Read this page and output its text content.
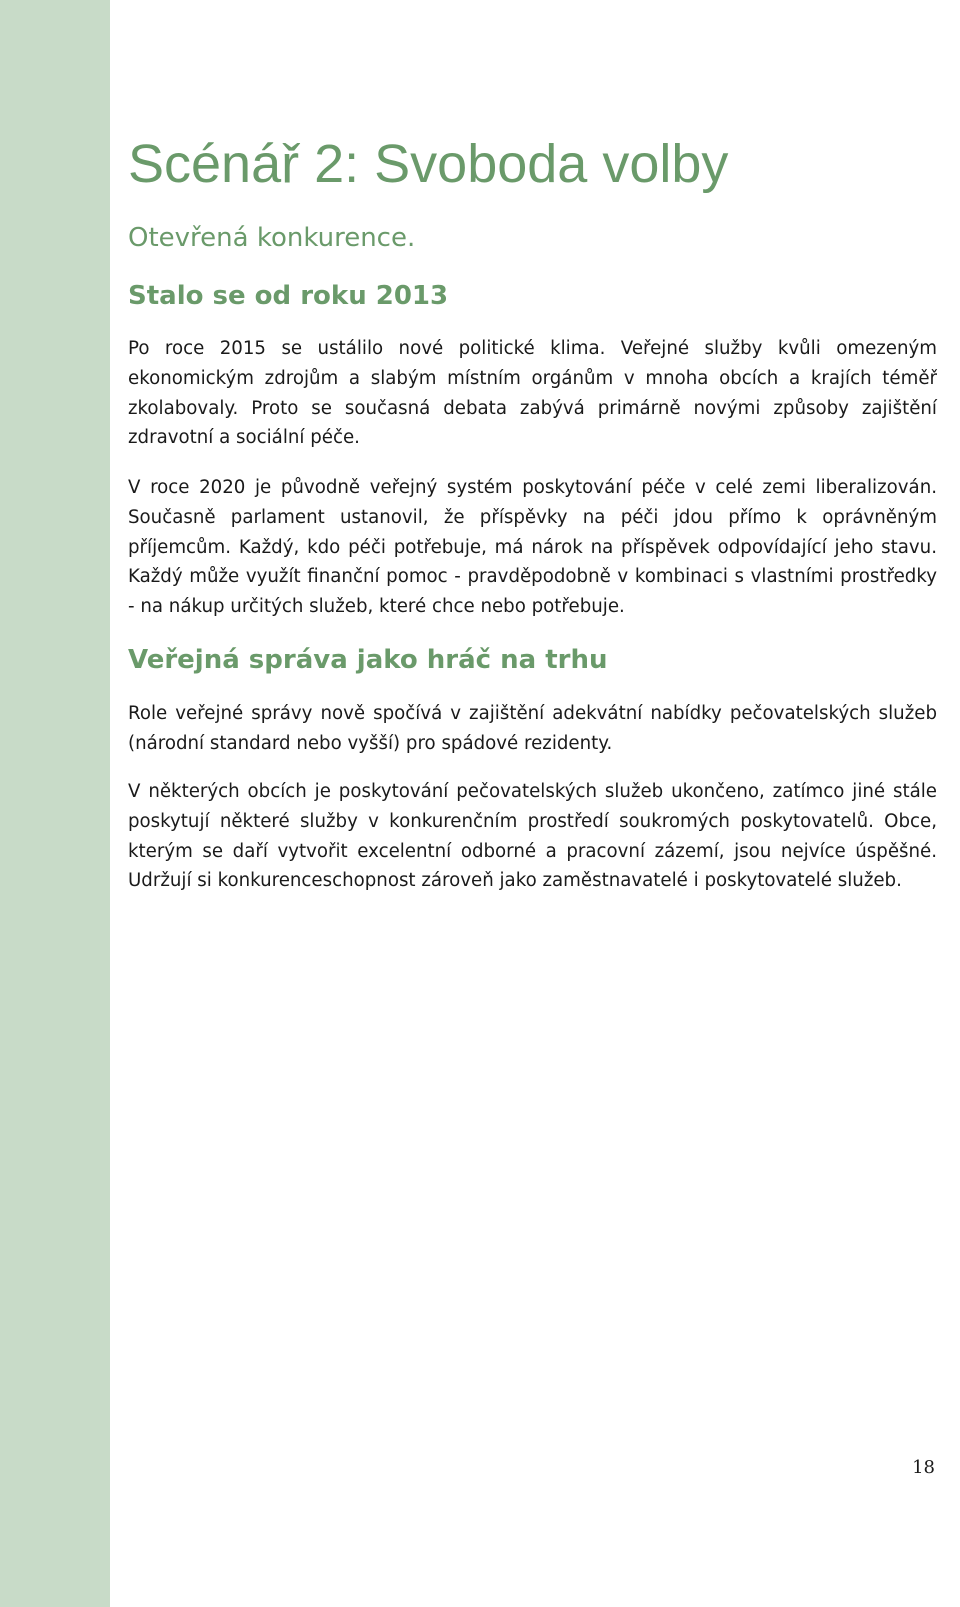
Scénář 2: Svoboda volby
Otevřená konkurence.
Stalo se od roku 2013

Po roce 2015 se ustálilo nové politické klima. Veřejné služby kvůli omezeným ekonomickým zdrojům a slabým místním orgánům v mnoha obcích a krajích téměř zkolabovaly. Proto se současná debata zabývá primárně novými způsoby zajištění zdravotní a sociální péče.

V roce 2020 je původně veřejný systém poskytování péče v celé zemi liberalizován. Současně parlament ustanovil, že příspěvky na péči jdou přímo k oprávněným příjemcům. Každý, kdo péči potřebuje, má nárok na příspěvek odpovídající jeho stavu. Každý může využít finanční pomoc - pravděpodobně v kombinaci s vlastními prostředky - na nákup určitých služeb, které chce nebo potřebuje.

Veřejná správa jako hráč na trhu

Role veřejné správy nově spočívá v zajištění adekvátní nabídky pečovatelských služeb (národní standard nebo vyšší) pro spádové rezidenty.

V některých obcích je poskytování pečovatelských služeb ukončeno, zatímco jiné stále poskytují některé služby v konkurenčním prostředí soukromých poskytovatelů. Obce, kterým se daří vytvořit excelentní odborné a pracovní zázemí, jsou nejvíce úspěšné. Udržují si konkurenceschopnost zároveň jako zaměstnavatelé i poskytovatelé služeb.

18
